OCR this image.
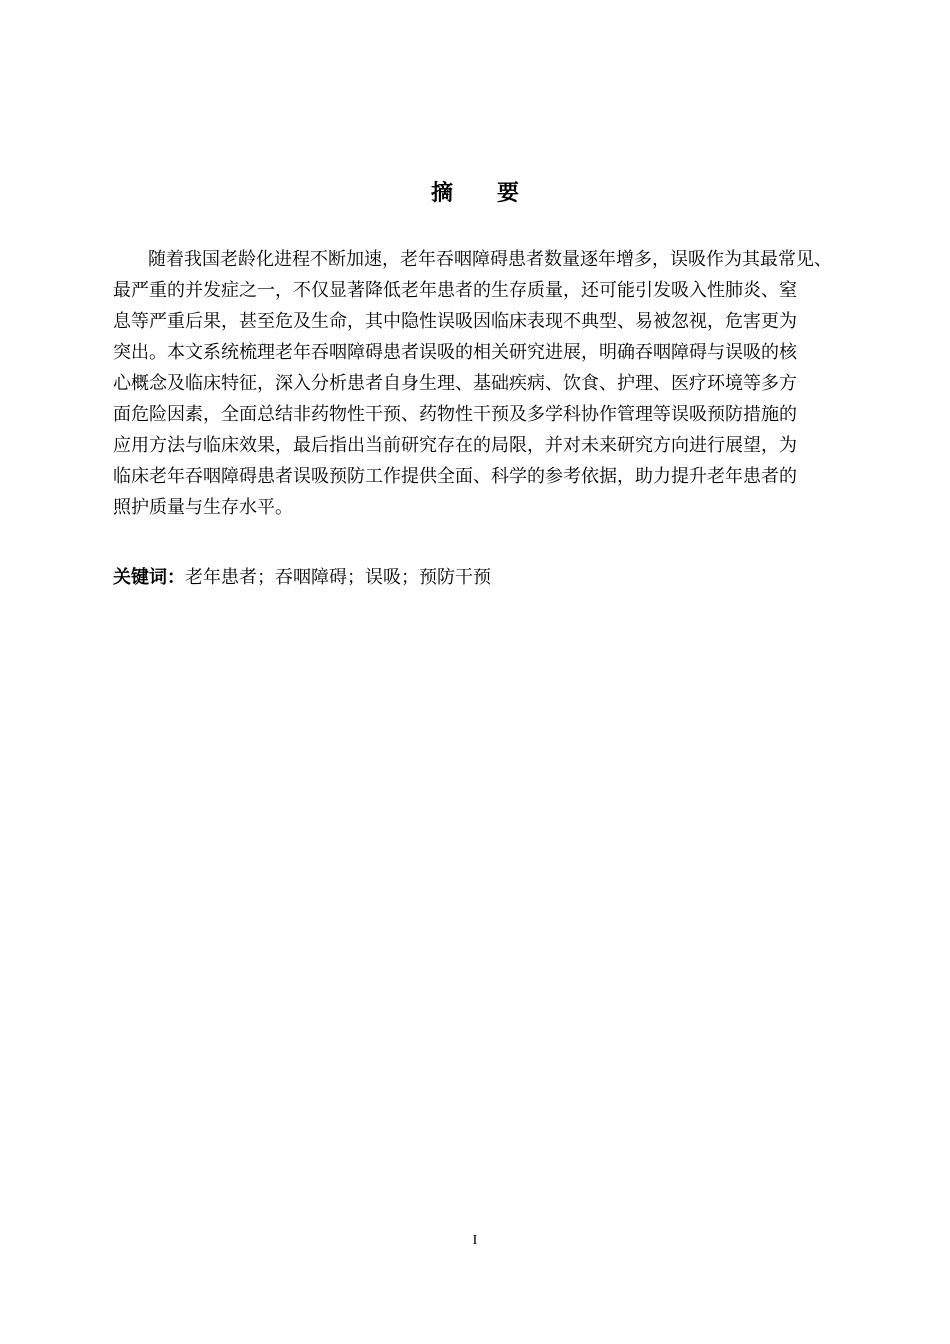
摘 要
随着我国老龄化进程不断加速，老年吞咽障碍患者数量逐年增多，误吸作为其最常见、
最严重的并发症之一，不仅显著降低老年患者的生存质量，还可能引发吸入性肺炎、窒
息等严重后果，甚至危及生命，其中隐性误吸因临床表现不典型、易被忽视，危害更为
突出。本文系统梳理老年吞咽障碍患者误吸的相关研究进展，明确吞咽障碍与误吸的核
心概念及临床特征，深入分析患者自身生理、基础疾病、饮食、护理、医疗环境等多方
面危险因素，全面总结非药物性干预、药物性干预及多学科协作管理等误吸预防措施的
应用方法与临床效果，最后指出当前研究存在的局限，并对未来研究方向进行展望，为
临床老年吞咽障碍患者误吸预防工作提供全面、科学的参考依据，助力提升老年患者的
照护质量与生存水平。
关键词：老年患者；吞咽障碍；误吸；预防干预
I
